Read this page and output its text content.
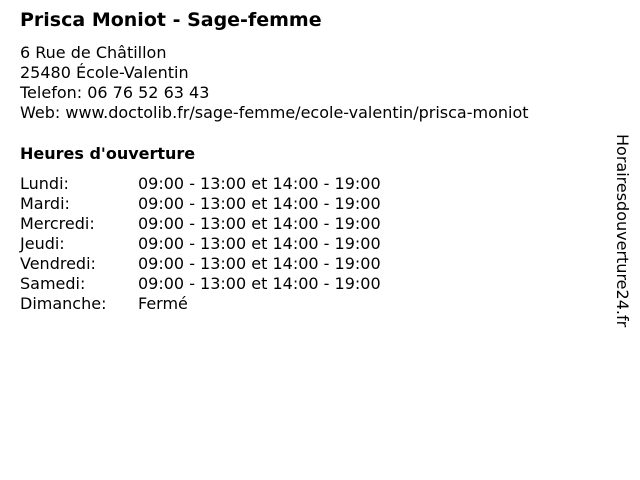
Prisca Moniot - Sage-femme
6 Rue de Châtillon
25480 École-Valentin
Telefon: 06 76 52 63 43
Web: www.doctolib.fr/sage-femme/ecole-valentin/prisca-moniot
Heures d'ouverture
Lundi:	09:00 - 13:00 et 14:00 - 19:00
Mardi:	09:00 - 13:00 et 14:00 - 19:00
Mercredi:	09:00 - 13:00 et 14:00 - 19:00
Jeudi:	09:00 - 13:00 et 14:00 - 19:00
Vendredi:	09:00 - 13:00 et 14:00 - 19:00
Samedi:	09:00 - 13:00 et 14:00 - 19:00
Dimanche:	Fermé	Horairesdouverture24.fr
